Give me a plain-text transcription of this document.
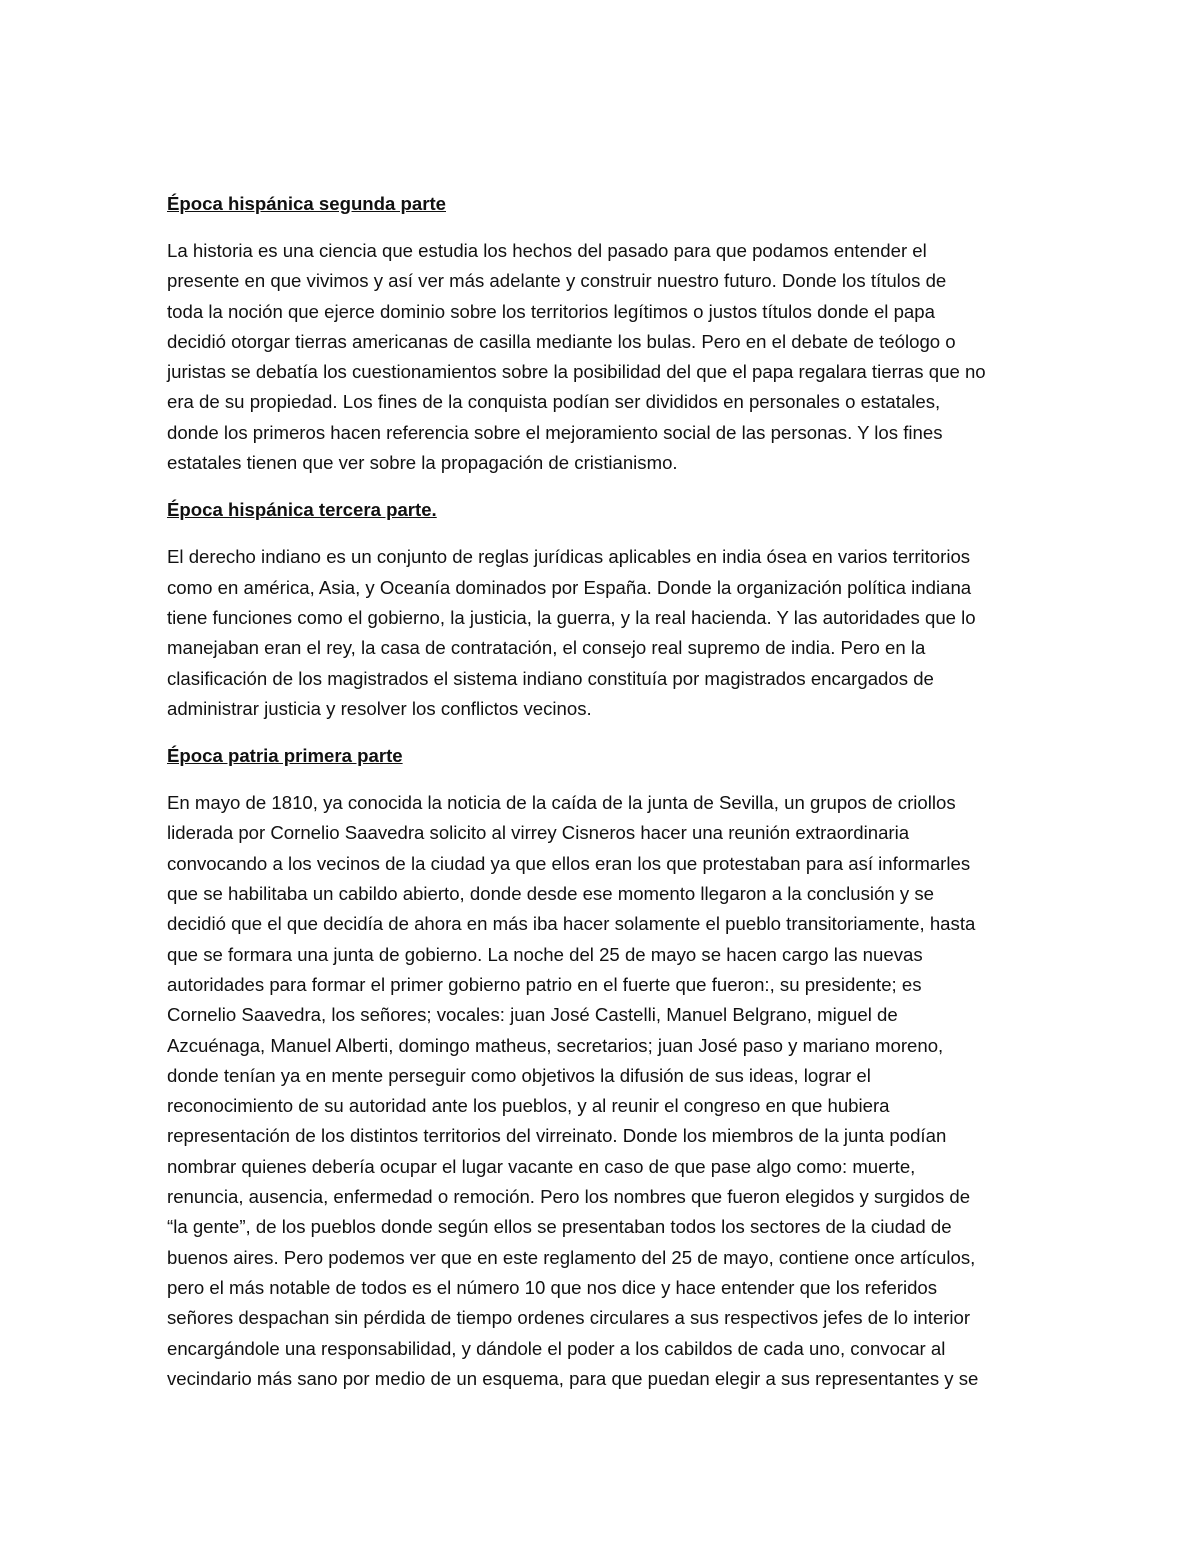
Época hispánica segunda parte
La historia es una ciencia que estudia los hechos del pasado para que podamos entender el
presente en que vivimos y así ver más adelante y construir nuestro futuro. Donde los títulos de
toda la noción que ejerce dominio sobre los territorios legítimos o justos títulos donde el papa
decidió otorgar tierras americanas de casilla mediante los bulas. Pero en el debate de teólogo o
juristas se debatía los cuestionamientos sobre la posibilidad del que el papa regalara tierras que no
era de su propiedad. Los fines de la conquista podían ser divididos en personales o estatales,
donde los primeros hacen referencia sobre el mejoramiento social de las personas. Y los fines
estatales tienen que ver sobre la propagación de cristianismo.
Época hispánica tercera parte.
El derecho indiano es un conjunto de reglas jurídicas aplicables en india ósea en varios territorios
como en américa, Asia, y Oceanía dominados por España. Donde la organización política indiana
tiene funciones como el gobierno, la justicia, la guerra, y la real hacienda. Y las autoridades que lo
manejaban eran el rey, la casa de contratación, el consejo real supremo de india. Pero en la
clasificación de los magistrados el sistema indiano constituía por magistrados encargados de
administrar justicia y resolver los conflictos vecinos.
Época patria primera parte
En mayo de 1810, ya conocida la noticia de la caída de la junta de Sevilla, un grupos de criollos
liderada por Cornelio Saavedra solicito al virrey Cisneros hacer una reunión extraordinaria
convocando a los vecinos de la ciudad ya que ellos eran los que protestaban para así informarles
que se habilitaba un cabildo abierto, donde desde ese momento llegaron a la conclusión y se
decidió que el que decidía de ahora en más iba hacer solamente el pueblo transitoriamente, hasta
que se formara una junta de gobierno. La noche del 25 de mayo se hacen cargo las nuevas
autoridades para formar el primer gobierno patrio en el fuerte que fueron:, su presidente; es
Cornelio Saavedra, los señores; vocales: juan José Castelli, Manuel Belgrano, miguel de
Azcuénaga, Manuel Alberti, domingo matheus, secretarios; juan José paso y mariano moreno,
donde tenían ya en mente perseguir como objetivos la difusión de sus ideas, lograr el
reconocimiento de su autoridad ante los pueblos, y al reunir el congreso en que hubiera
representación de los distintos territorios del virreinato. Donde los miembros de la junta podían
nombrar quienes debería ocupar el lugar vacante en caso de que pase algo como: muerte,
renuncia, ausencia, enfermedad o remoción. Pero los nombres que fueron elegidos y surgidos de
“la gente”, de los pueblos donde según ellos se presentaban todos los sectores de la ciudad de
buenos aires. Pero podemos ver que en este reglamento del 25 de mayo, contiene once artículos,
pero el más notable de todos es el número 10 que nos dice y hace entender que los referidos
señores despachan sin pérdida de tiempo ordenes circulares a sus respectivos jefes de lo interior
encargándole una responsabilidad, y dándole el poder a los cabildos de cada uno, convocar al
vecindario más sano por medio de un esquema, para que puedan elegir a sus representantes y se
